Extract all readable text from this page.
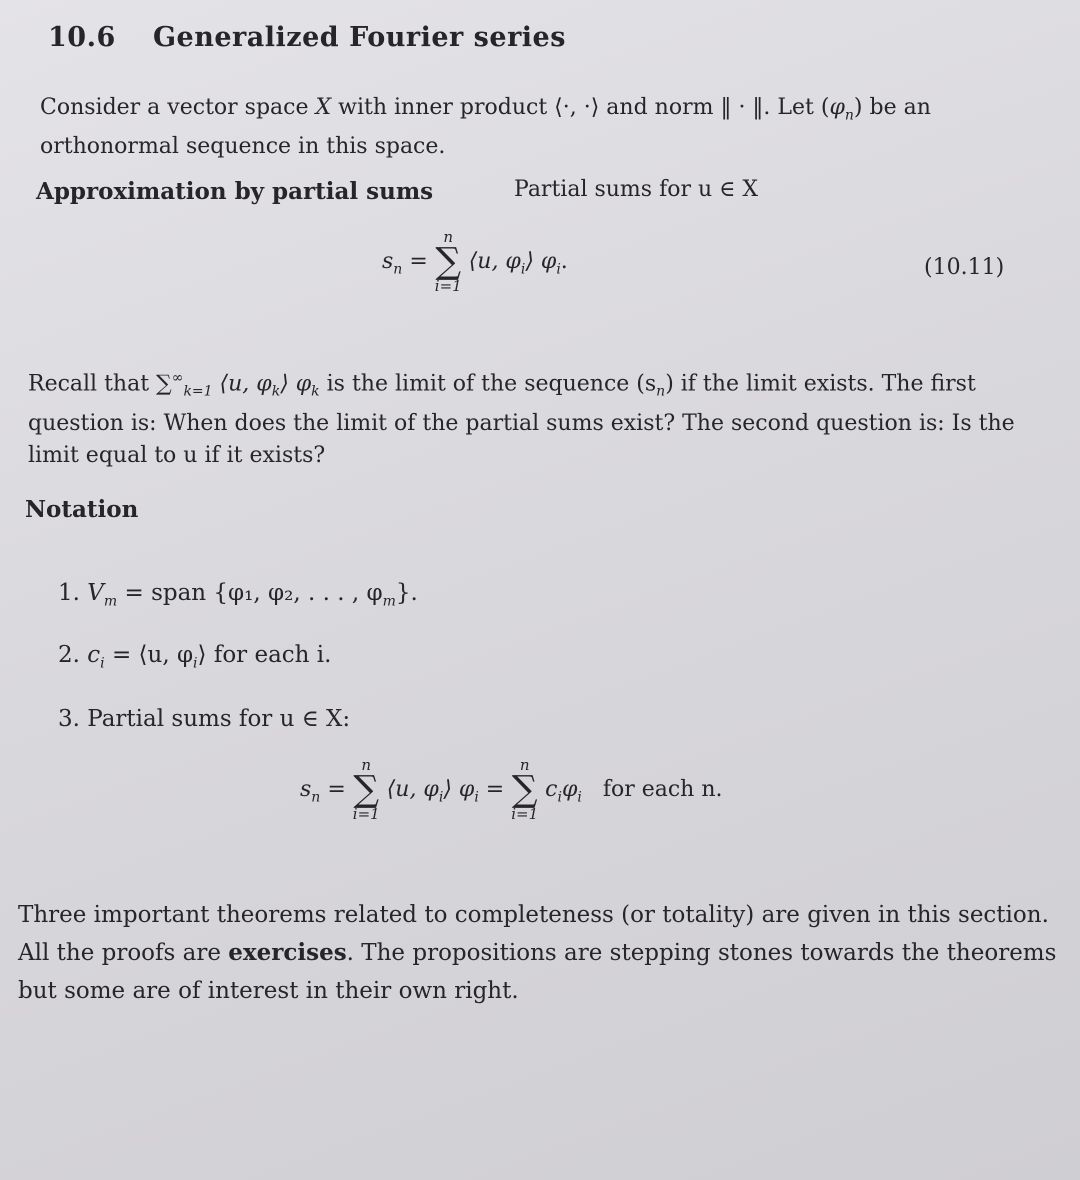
10.6 Generalized Fourier series
Consider a vector space X with inner product ⟨·, ·⟩ and norm ‖ · ‖. Let $(\varphi_n)$ be an orthonormal sequence in this space.
Approximation by partial sums	Partial sums for u ∈ X
$s_n$ =
n
∑
i=1
⟨u, $\varphi_i⟩$ $\varphi_i$.	(10.11)
Recall that $\sum^\infty_{k=1}$ ⟨u, $\varphi_k⟩$ $\varphi_k$ is the limit of the sequence $(s_n)$ if the limit exists. The first question is: When does the limit of the partial sums exist? The second question is: Is the limit equal to u if it exists?
Notation
1. $V_m$ = span {φ₁, φ₂, . . . , $\varphi_m$}.
2. $c_i$ = ⟨u, $\varphi_i⟩$ for each i.
3. Partial sums for u ∈ X:
$s_n$ =
n
∑
i=1
⟨u, $\varphi_i⟩$ $\varphi_i$ =
n
∑
i=1
$c_i\varphi_i$ for each n.
Three important theorems related to completeness (or totality) are given in this section. All the proofs are exercises. The propositions are stepping stones towards the theorems but some are of interest in their own right.
